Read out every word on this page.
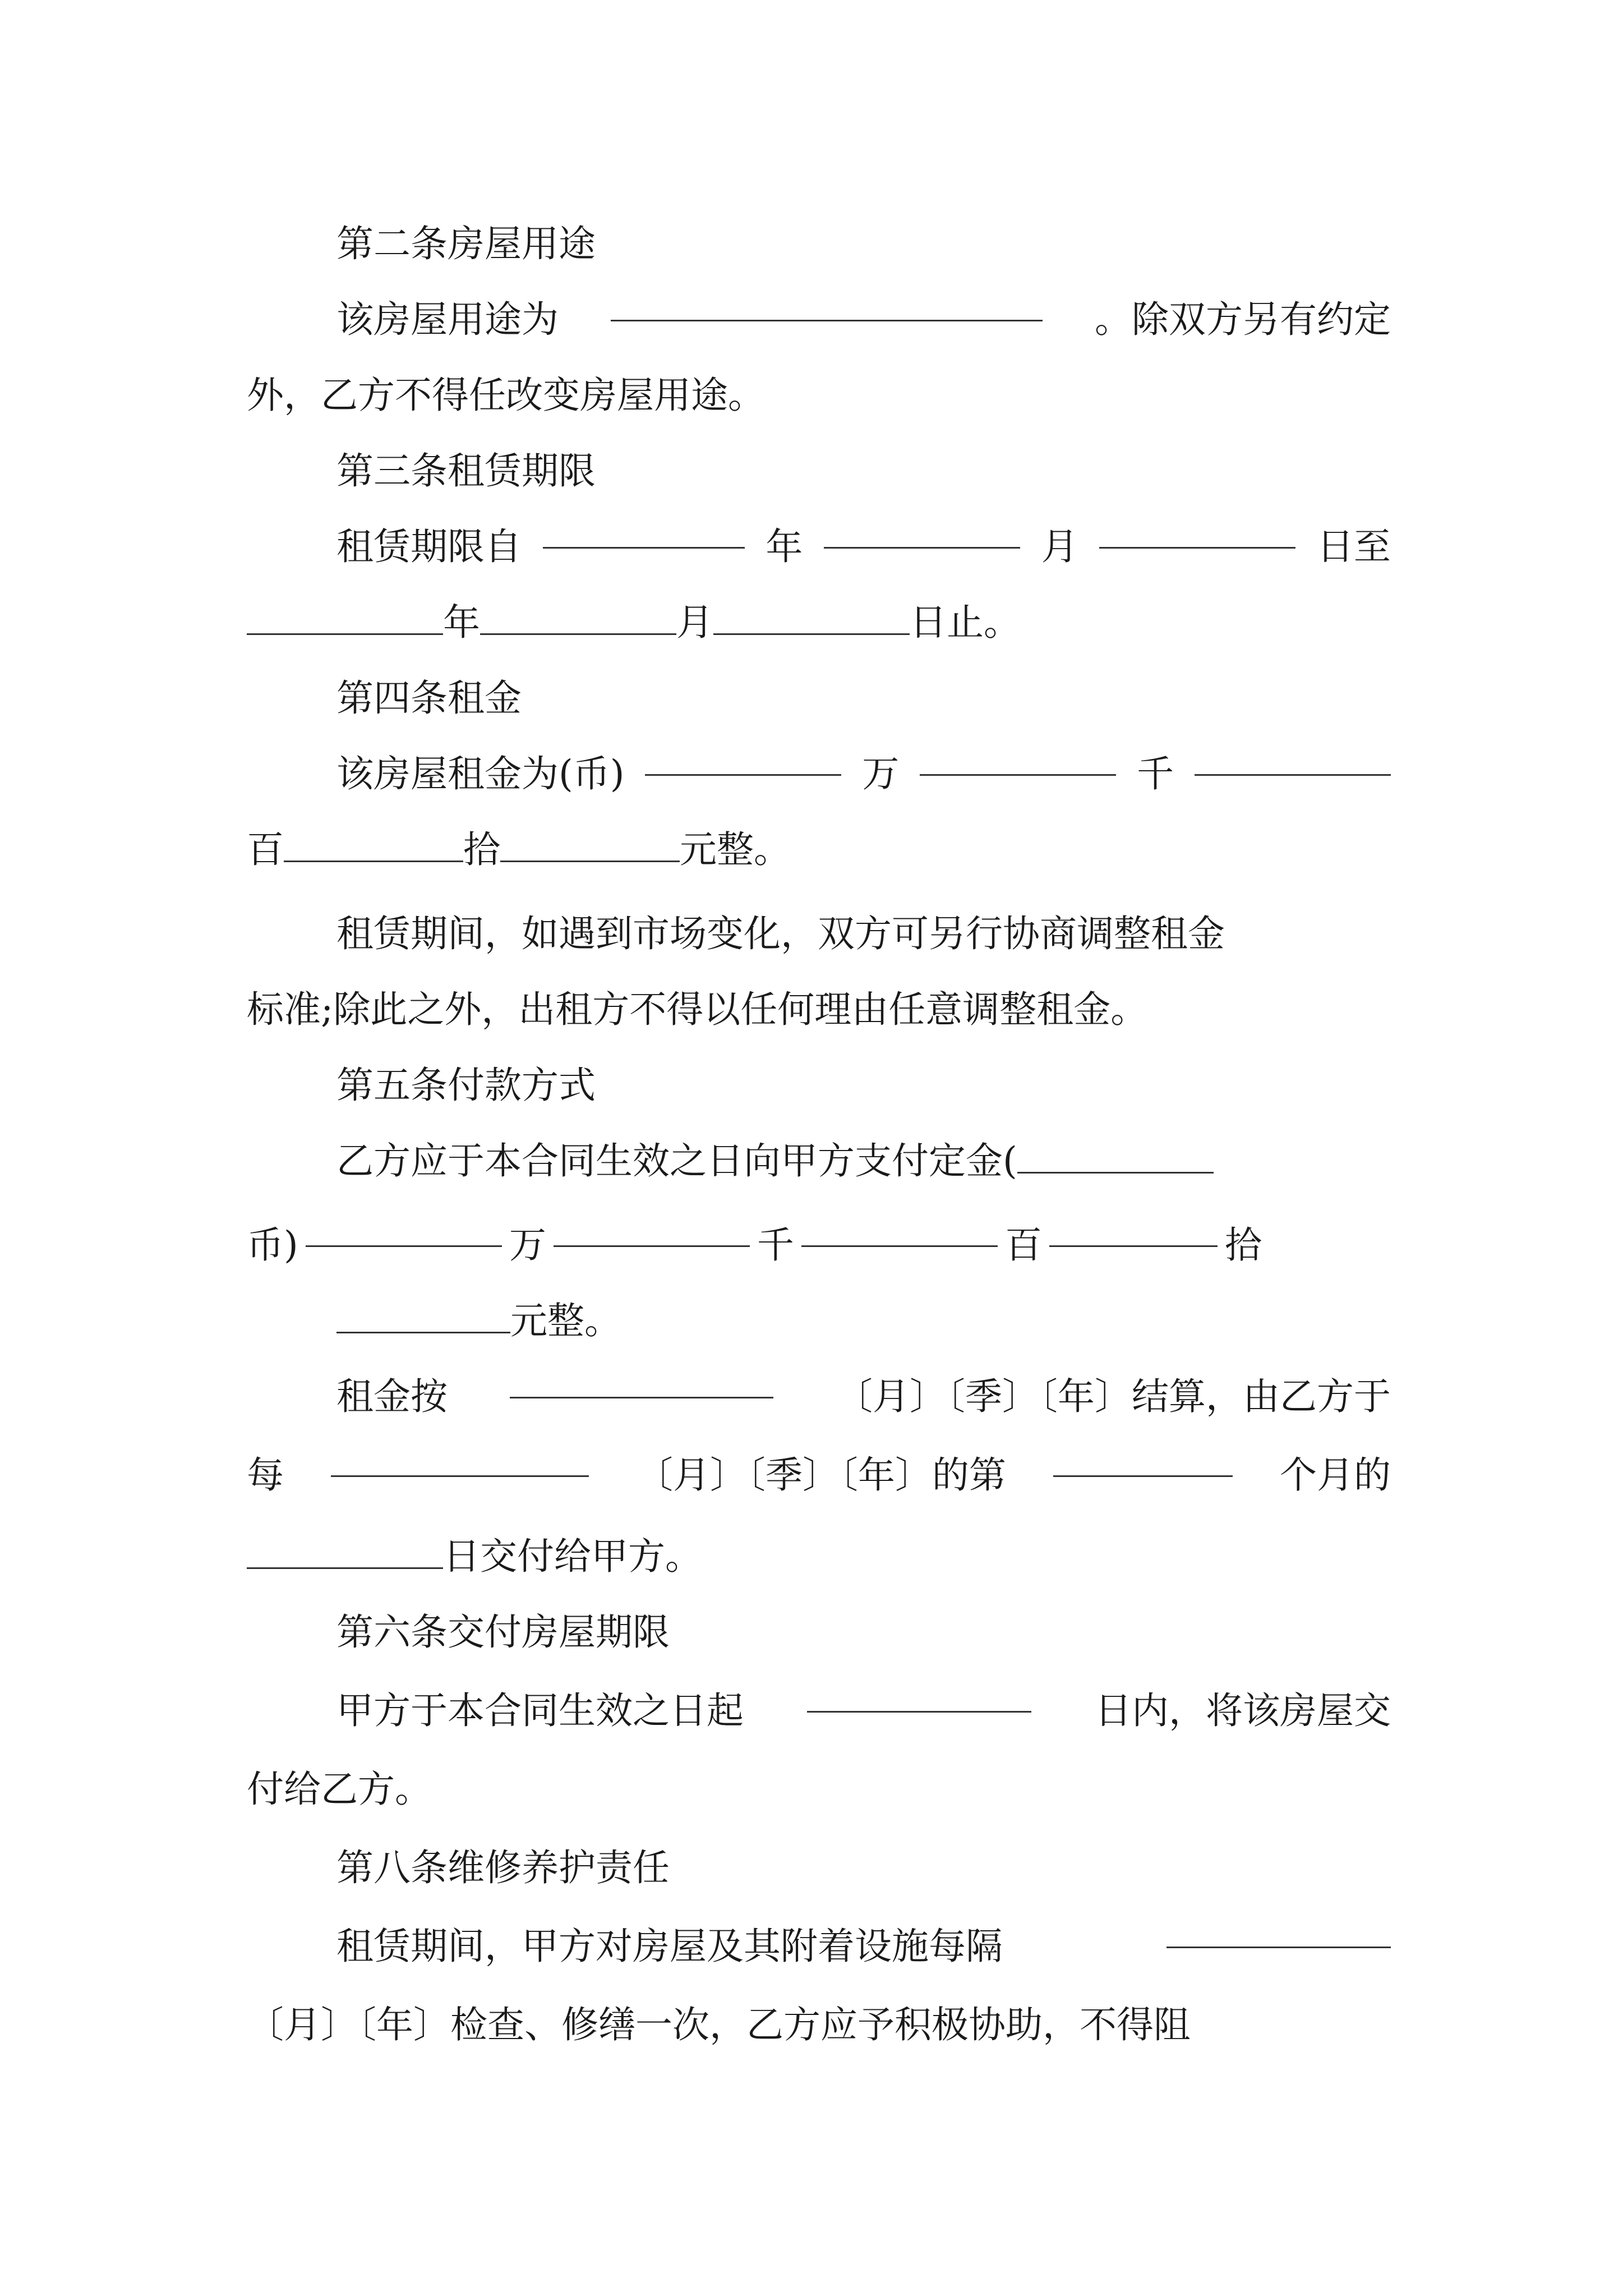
第二条房屋用途
该房屋用途为	。除双方另有约定
外，乙方不得任改变房屋用途。
第三条租赁期限
租赁期限自	年	月	日至
年	月	日止。
第四条租金
该房屋租金为(币)	万	千
百	拾	元整。
租赁期间，如遇到市场变化，双方可另行协商调整租金
标准;除此之外，出租方不得以任何理由任意调整租金。
第五条付款方式
乙方应于本合同生效之日向甲方支付定金(
币)	万	千	百	拾
元整。
租金按	〔月〕〔季〕〔年〕结算，由乙方于
每	〔月〕〔季〕〔年〕的第	个月的
日交付给甲方。
第六条交付房屋期限
甲方于本合同生效之日起	日内，将该房屋交
付给乙方。
第八条维修养护责任
租赁期间，甲方对房屋及其附着设施每隔
〔月〕〔年〕检查、修缮一次，乙方应予积极协助，不得阻
